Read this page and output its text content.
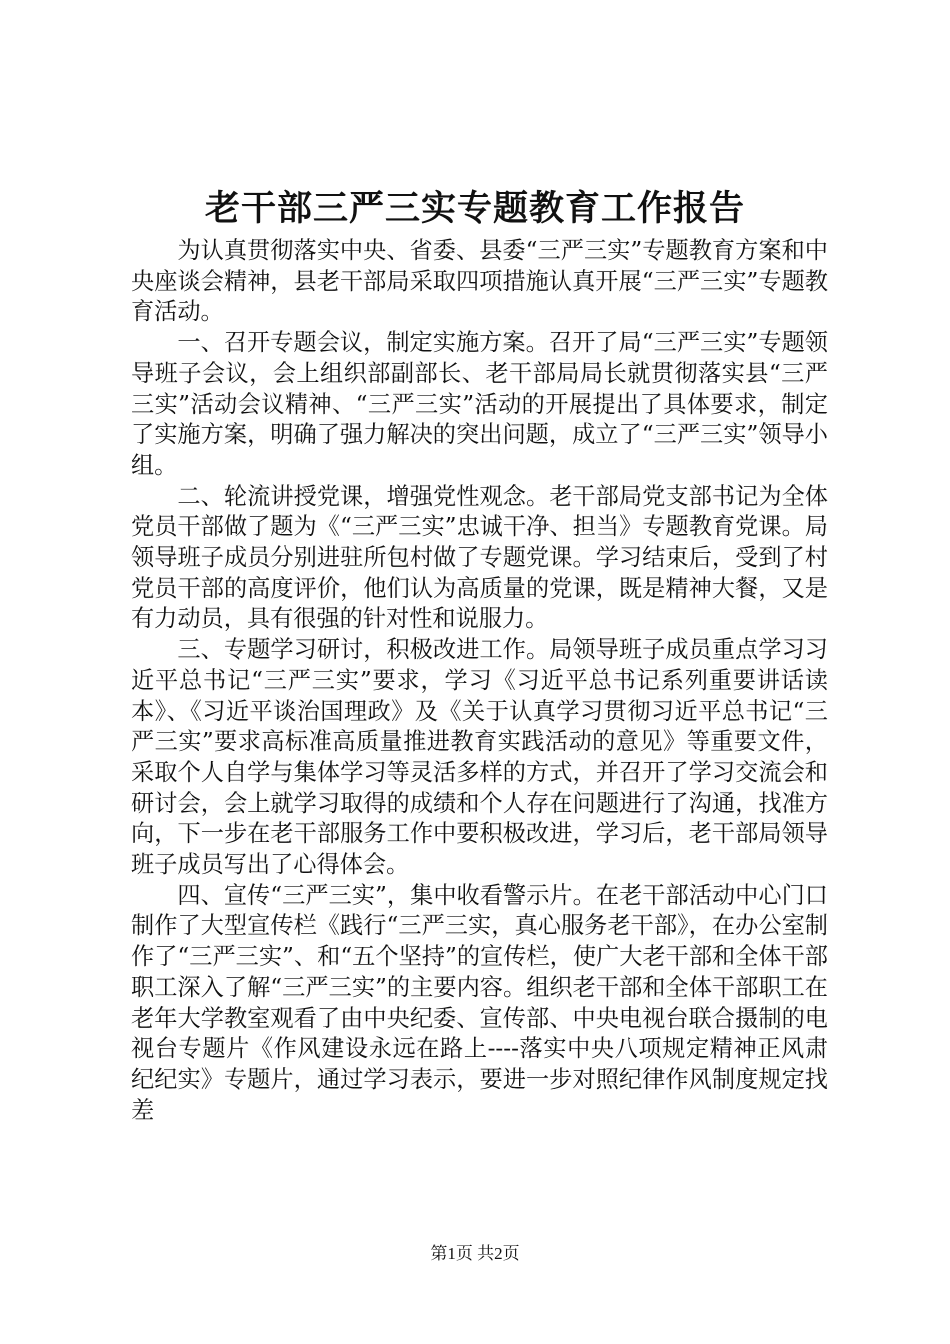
老干部三严三实专题教育工作报告

为认真贯彻落实中央、省委、县委“三严三实”专题教育方案和中央座谈会精神，县老干部局采取四项措施认真开展“三严三实”专题教育活动。

一、召开专题会议，制定实施方案。召开了局“三严三实”专题领导班子会议，会上组织部副部长、老干部局局长就贯彻落实县“三严三实”活动会议精神、“三严三实”活动的开展提出了具体要求，制定了实施方案，明确了强力解决的突出问题，成立了“三严三实”领导小组。

二、轮流讲授党课，增强党性观念。老干部局党支部书记为全体党员干部做了题为《“三严三实”忠诚干净、担当》专题教育党课。局领导班子成员分别进驻所包村做了专题党课。学习结束后，受到了村党员干部的高度评价，他们认为高质量的党课，既是精神大餐，又是有力动员，具有很强的针对性和说服力。

三、专题学习研讨，积极改进工作。局领导班子成员重点学习习近平总书记“三严三实”要求，学习《习近平总书记系列重要讲话读本》、《习近平谈治国理政》及《关于认真学习贯彻习近平总书记“三严三实”要求高标准高质量推进教育实践活动的意见》等重要文件，采取个人自学与集体学习等灵活多样的方式，并召开了学习交流会和研讨会，会上就学习取得的成绩和个人存在问题进行了沟通，找准方向，下一步在老干部服务工作中要积极改进，学习后，老干部局领导班子成员写出了心得体会。

四、宣传“三严三实”，集中收看警示片。在老干部活动中心门口制作了大型宣传栏《践行“三严三实，真心服务老干部》，在办公室制作了“三严三实”、和“五个坚持”的宣传栏，使广大老干部和全体干部职工深入了解“三严三实”的主要内容。组织老干部和全体干部职工在老年大学教室观看了由中央纪委、宣传部、中央电视台联合摄制的电视台专题片《作风建设永远在路上----落实中央八项规定精神正风肃纪纪实》专题片，通过学习表示，要进一步对照纪律作风制度规定找差

第1页 共2页
